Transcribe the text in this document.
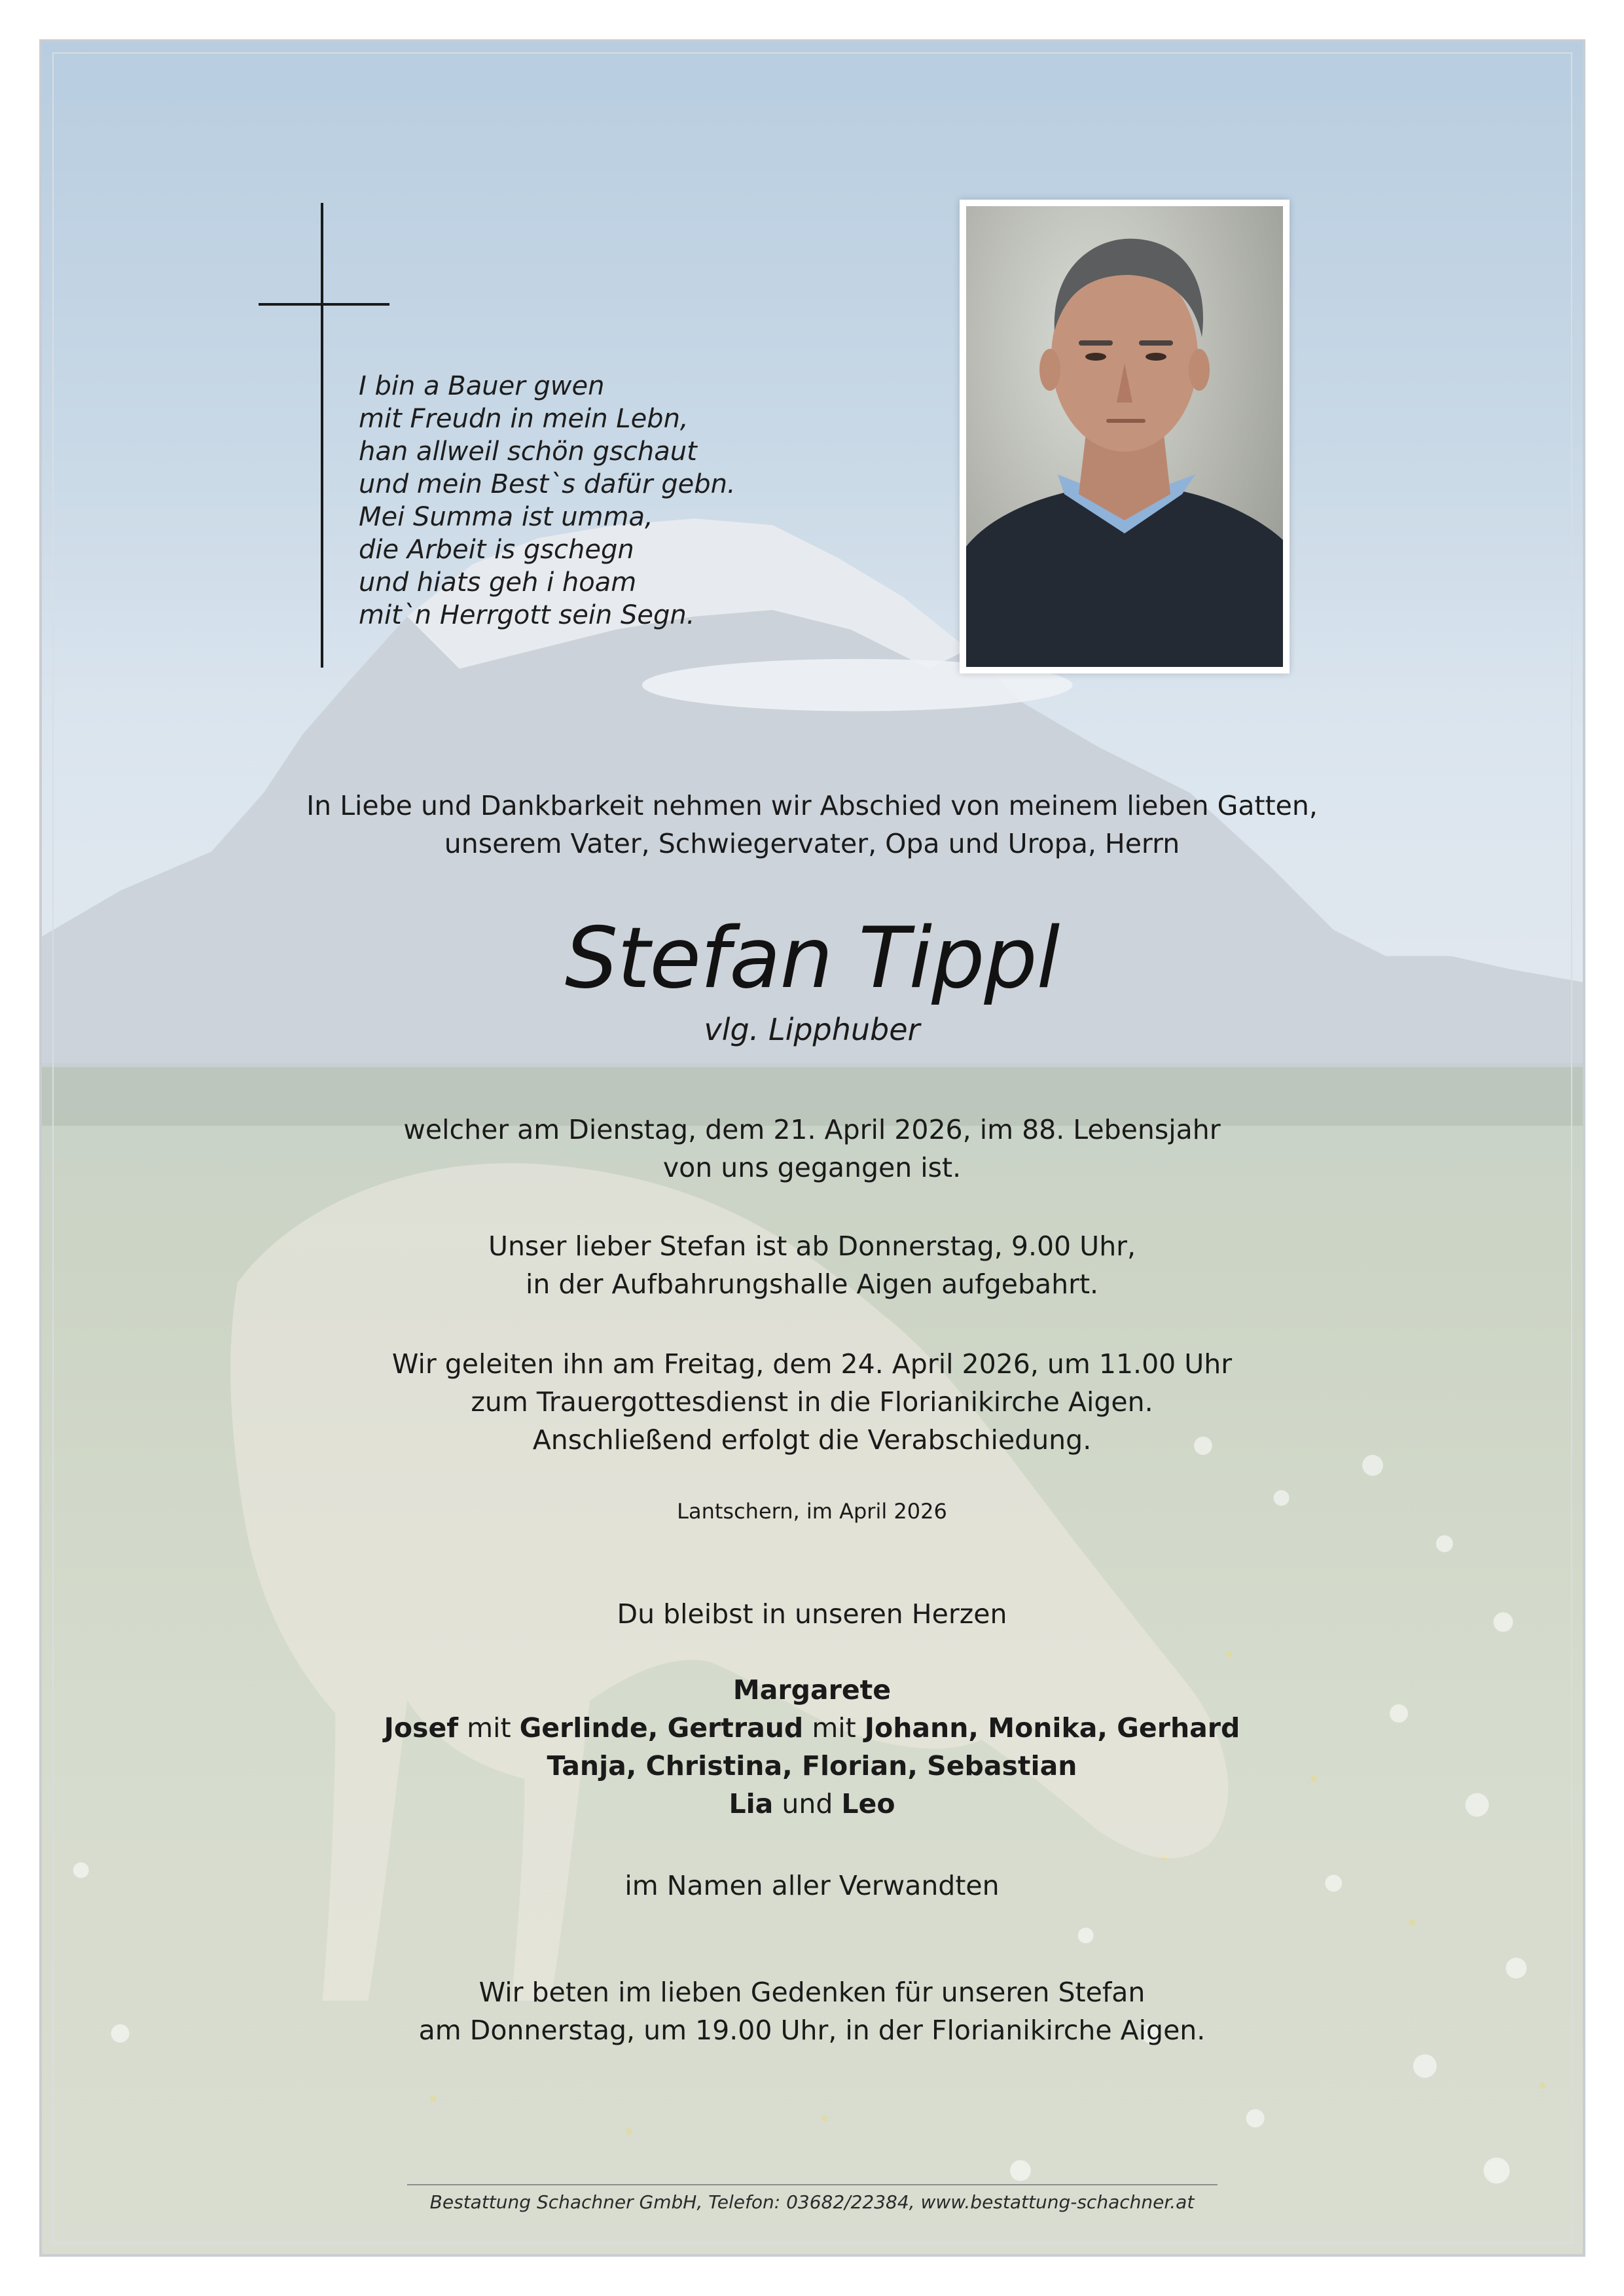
I bin a Bauer gwen
mit Freudn in mein Lebn,
han allweil schön gschaut
und mein Best`s dafür gebn.
Mei Summa ist umma,
die Arbeit is gschegn
und hiats geh i hoam
mit`n Herrgott sein Segn.
In Liebe und Dankbarkeit nehmen wir Abschied von meinem lieben Gatten,
unserem Vater, Schwiegervater, Opa und Uropa, Herrn
Stefan Tippl
vlg. Lipphuber
welcher am Dienstag, dem 21. April 2026, im 88. Lebensjahr
von uns gegangen ist.
Unser lieber Stefan ist ab Donnerstag, 9.00 Uhr,
in der Aufbahrungshalle Aigen aufgebahrt.
Wir geleiten ihn am Freitag, dem 24. April 2026, um 11.00 Uhr
zum Trauergottesdienst in die Florianikirche Aigen.
Anschließend erfolgt die Verabschiedung.
Lantschern, im April 2026
Du bleibst in unseren Herzen
Margarete
Josef mit Gerlinde, Gertraud mit Johann, Monika, Gerhard
Tanja, Christina, Florian, Sebastian
Lia und Leo
im Namen aller Verwandten
Wir beten im lieben Gedenken für unseren Stefan
am Donnerstag, um 19.00 Uhr, in der Florianikirche Aigen.
Bestattung Schachner GmbH, Telefon: 03682/22384, www.bestattung-schachner.at
